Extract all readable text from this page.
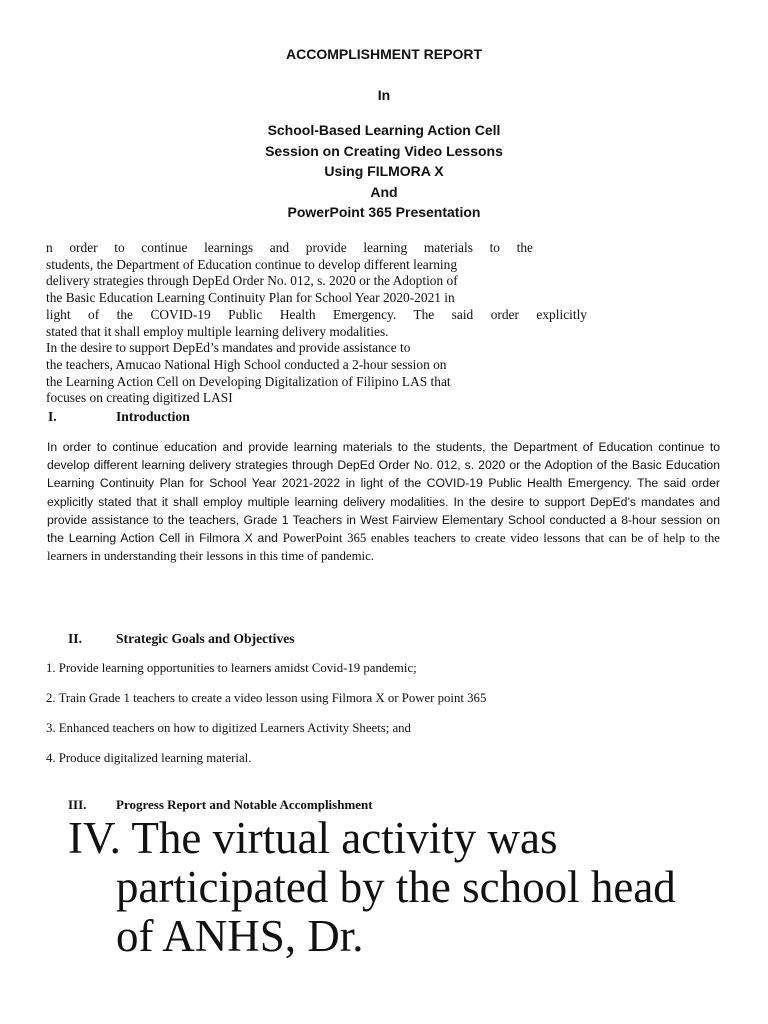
ACCOMPLISHMENT REPORT
In
School-Based Learning Action Cell
Session on Creating Video Lessons
Using FILMORA X
And
PowerPoint 365 Presentation
n order to continue learnings and provide learning materials to the
students, the Department of Education continue to develop different learning
delivery strategies through DepEd Order No. 012, s. 2020 or the Adoption of
the Basic Education Learning Continuity Plan for School Year 2020-2021 in
light of the COVID-19 Public Health Emergency. The said order explicitly
stated that it shall employ multiple learning delivery modalities.
In the desire to support DepEd’s mandates and provide assistance to
the teachers, Amucao National High School conducted a 2-hour session on
the Learning Action Cell on Developing Digitalization of Filipino LAS that
focuses on creating digitized LASI
I.	Introduction
In order to continue education and provide learning materials to the students, the Department of Education continue to develop different learning delivery strategies through DepEd Order No. 012, s. 2020 or the Adoption of the Basic Education Learning Continuity Plan for School Year 2021-2022 in light of the COVID-19 Public Health Emergency. The said order explicitly stated that it shall employ multiple learning delivery modalities. In the desire to support DepEd’s mandates and provide assistance to the teachers, Grade 1 Teachers in West Fairview Elementary School conducted a 8-hour session on the Learning Action Cell in Filmora X and PowerPoint 365 enables teachers to create video lessons that can be of help to the learners in understanding their lessons in this time of pandemic.
II.	Strategic Goals and Objectives
1. Provide learning opportunities to learners amidst Covid-19 pandemic;
2. Train Grade 1 teachers to create a video lesson using Filmora X or Power point 365
3. Enhanced teachers on how to digitized Learners Activity Sheets; and
4. Produce digitalized learning material.
III. Progress Report and Notable Accomplishment
IV. The virtual activity was
participated by the school head
of ANHS, Dr.
